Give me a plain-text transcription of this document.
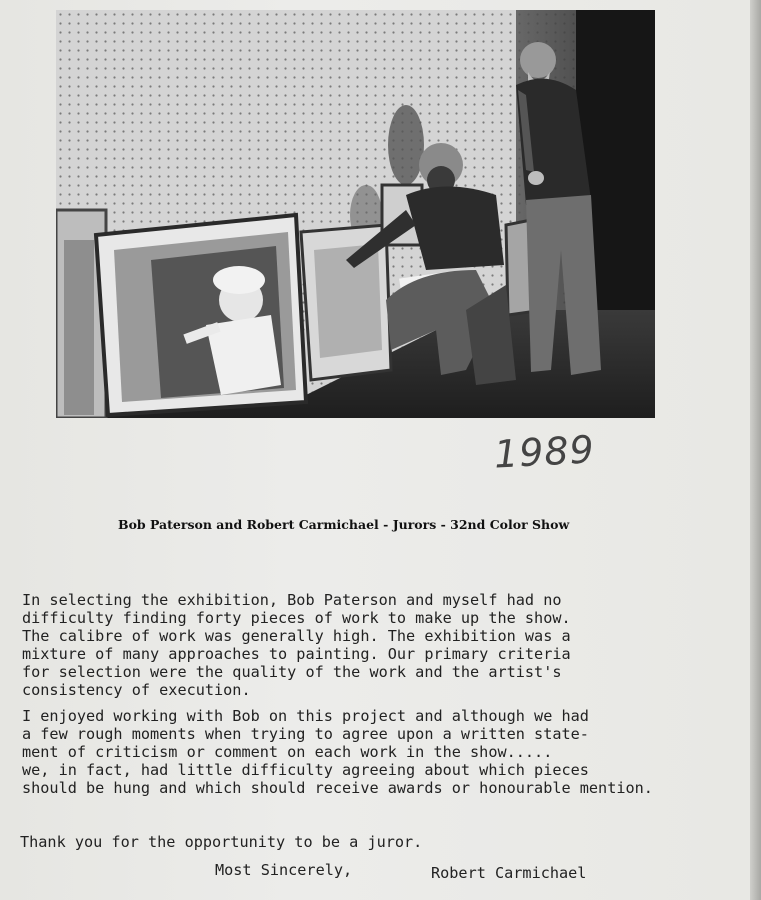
1989
Bob Paterson and Robert Carmichael - Jurors - 32nd Color Show
In selecting the exhibition, Bob Paterson and myself had no
difficulty finding forty pieces of work to make up the show.
The calibre of work was generally high. The exhibition was a
mixture of many approaches to painting. Our primary criteria
for selection were the quality of the work and the artist's
consistency of execution.
I enjoyed working with Bob on this project and although we had
a few rough moments when trying to agree upon a written state-
ment of criticism or comment on each work in the show.....
we, in fact, had little difficulty agreeing about which pieces
should be hung and which should receive awards or honourable mention.
Thank you for the opportunity to be a juror.
Most Sincerely,	Robert Carmichael
